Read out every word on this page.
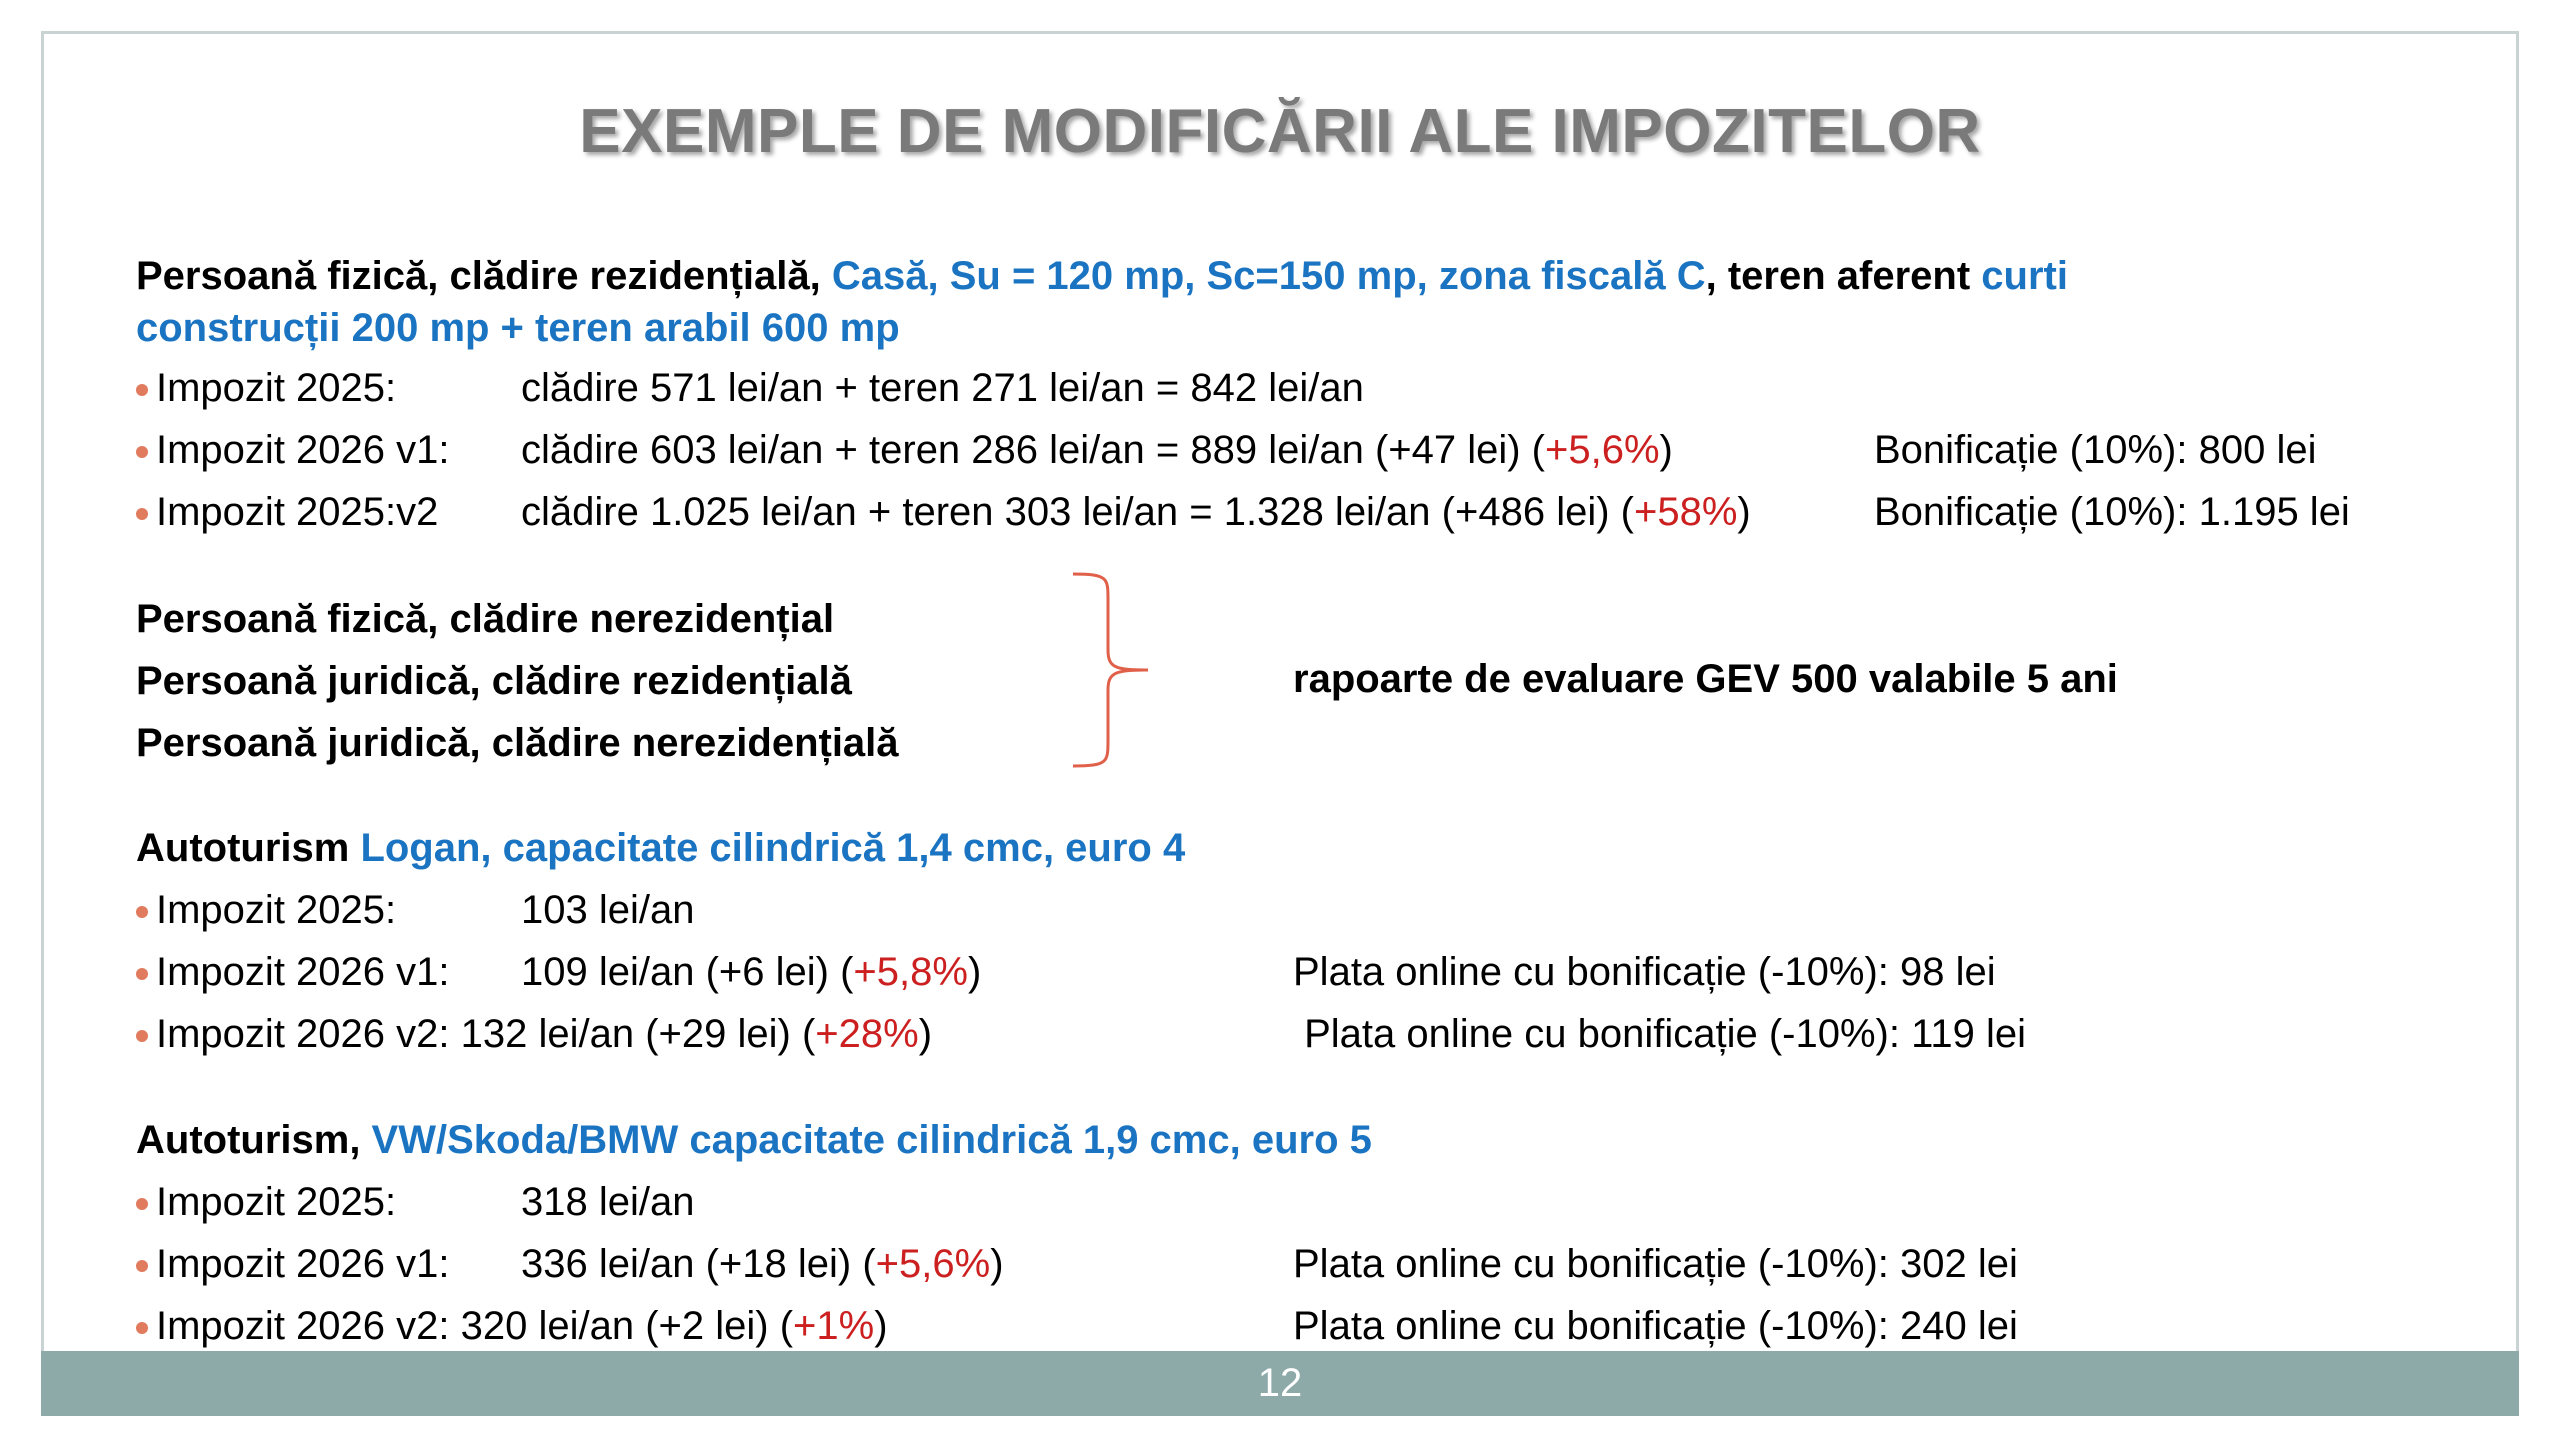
EXEMPLE DE MODIFICĂRII ALE IMPOZITELOR
Persoană fizică, clădire rezidențială, Casă, Su = 120 mp, Sc=150 mp, zona fiscală C, teren aferent curti
construcții 200 mp + teren arabil 600 mp
Impozit 2025:	clădire 571 lei/an + teren 271 lei/an = 842 lei/an
Impozit 2026 v1: clădire 603 lei/an + teren 286 lei/an = 889 lei/an (+47 lei) (+5,6%)	Bonificație (10%): 800 lei
Impozit 2025:v2 clădire 1.025 lei/an + teren 303 lei/an = 1.328 lei/an (+486 lei) (+58%)	Bonificație (10%): 1.195 lei
Persoană fizică, clădire nerezidențial
Persoană juridică, clădire rezidențială
Persoană juridică, clădire nerezidențială
rapoarte de evaluare GEV 500 valabile 5 ani
Autoturism Logan, capacitate cilindrică 1,4 cmc, euro 4
Impozit 2025:	103 lei/an
Impozit 2026 v1: 109 lei/an (+6 lei) (+5,8%)	Plata online cu bonificație (-10%): 98 lei
Impozit 2026 v2: 132 lei/an (+29 lei) (+28%)	Plata online cu bonificație (-10%): 119 lei
Autoturism, VW/Skoda/BMW capacitate cilindrică 1,9 cmc, euro 5
Impozit 2025:	318 lei/an
Impozit 2026 v1: 336 lei/an (+18 lei) (+5,6%)	Plata online cu bonificație (-10%): 302 lei
Impozit 2026 v2: 320 lei/an (+2 lei) (+1%)	Plata online cu bonificație (-10%): 240 lei
12
